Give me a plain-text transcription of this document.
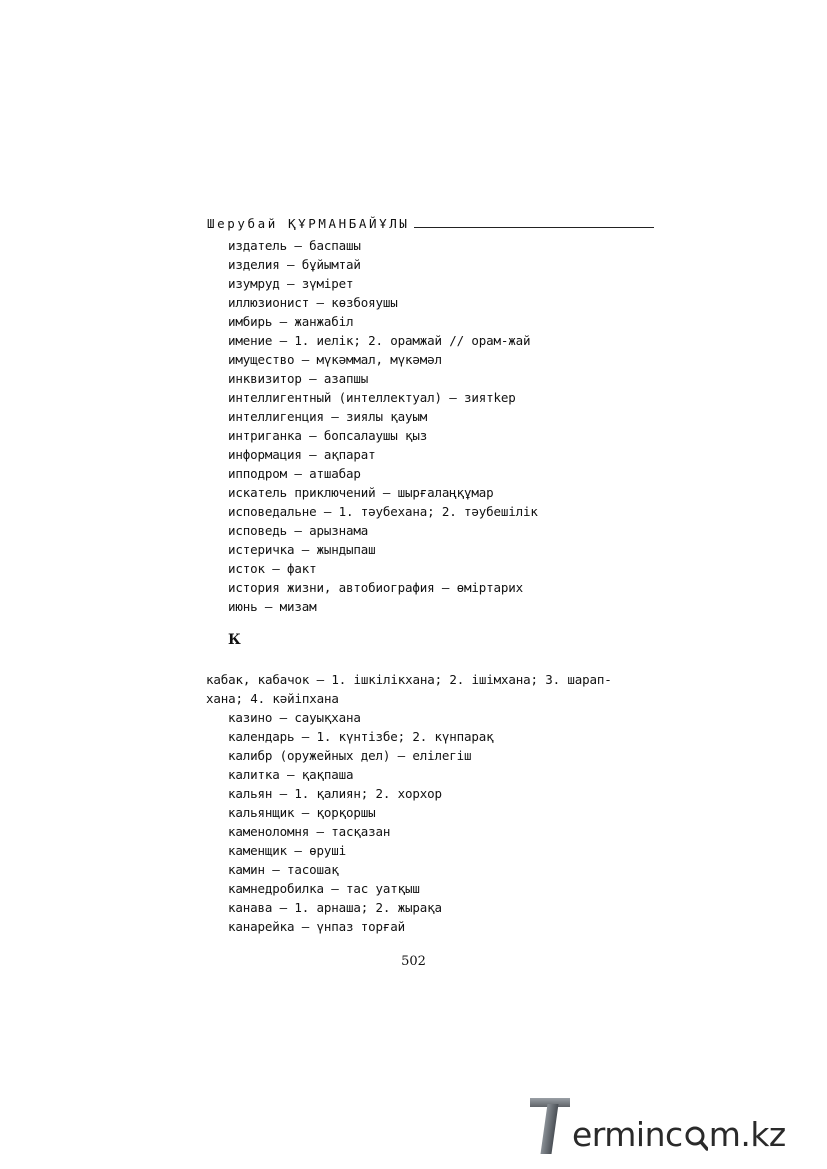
Шерубай ҚҰРМАНБАЙҰЛЫ
издатель – баспашы
изделия – бұйымтай
изумруд – зүмірет
иллюзионист – көзбояушы
имбирь – жанжабіл
имение – 1. иелік; 2. орамжай // орам-жай
имущество – мүкәммал, мүкәмәл
инквизитор – азапшы
интеллигентный (интеллектуал) – зиятkер
интеллигенция – зиялы қауым
интриганка – бопсалаушы қыз
информация – ақпарат
ипподром – атшабар
искатель приключений – шырғалаңқұмар
исповедальне – 1. тәубехана; 2. тәубешілік
исповедь – арызнама
истеричка – жындыпаш
исток – факт
история жизни, автобиография – өміртарих
июнь – мизам
К
кабак, кабачок – 1. ішкілікхана; 2. ішімхана; 3. шарап-
хана; 4. кәйіпхана
казино – сауықхана
календарь – 1. күнтізбе; 2. күнпарақ
калибр (оружейных дел) – елілегіш
калитка – қақпаша
кальян – 1. қалиян; 2. хорхор
кальянщик – қорқоршы
каменоломня – тасқазан
каменщик – өруші
камин – тасошақ
камнедробилка – тас уатқыш
канава – 1. арнаша; 2. жырақа
канарейка – үнпаз торғай
502
ermin c m.kz
